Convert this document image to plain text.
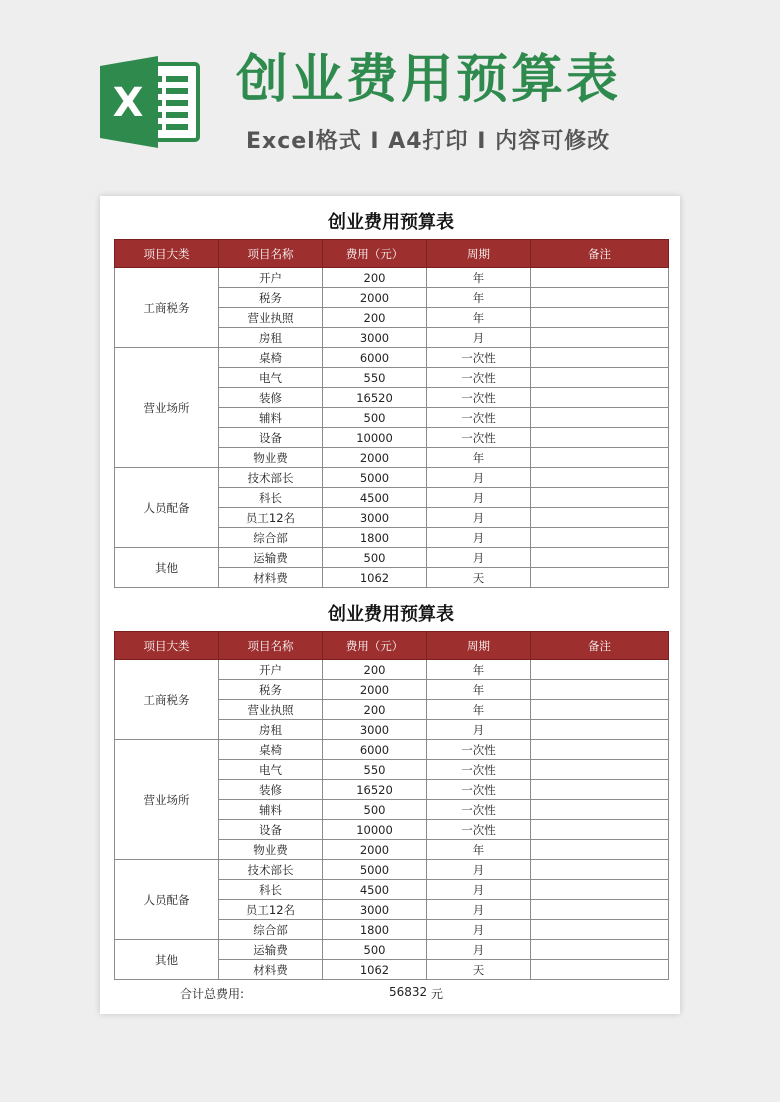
X 创业费用预算表
Excel格式 I A4打印 I 内容可修改
创业费用预算表
项目大类	项目名称	费用（元）	周期	备注
工商税务	开户	200	年	
	税务	2000	年	
	营业执照	200	年	
	房租	3000	月	
营业场所	桌椅	6000	一次性	
	电气	550	一次性	
	装修	16520	一次性	
	辅料	500	一次性	
	设备	10000	一次性	
	物业费	2000	年	
人员配备	技术部长	5000	月	
	科长	4500	月	
	员工12名	3000	月	
	综合部	1800	月	
其他	运输费	500	月	
	材料费	1062	天	
创业费用预算表
项目大类	项目名称	费用（元）	周期	备注
工商税务	开户	200	年	
	税务	2000	年	
	营业执照	200	年	
	房租	3000	月	
营业场所	桌椅	6000	一次性	
	电气	550	一次性	
	装修	16520	一次性	
	辅料	500	一次性	
	设备	10000	一次性	
	物业费	2000	年	
人员配备	技术部长	5000	月	
	科长	4500	月	
	员工12名	3000	月	
	综合部	1800	月	
其他	运输费	500	月	
	材料费	1062	天	
合计总费用:	56832 元
